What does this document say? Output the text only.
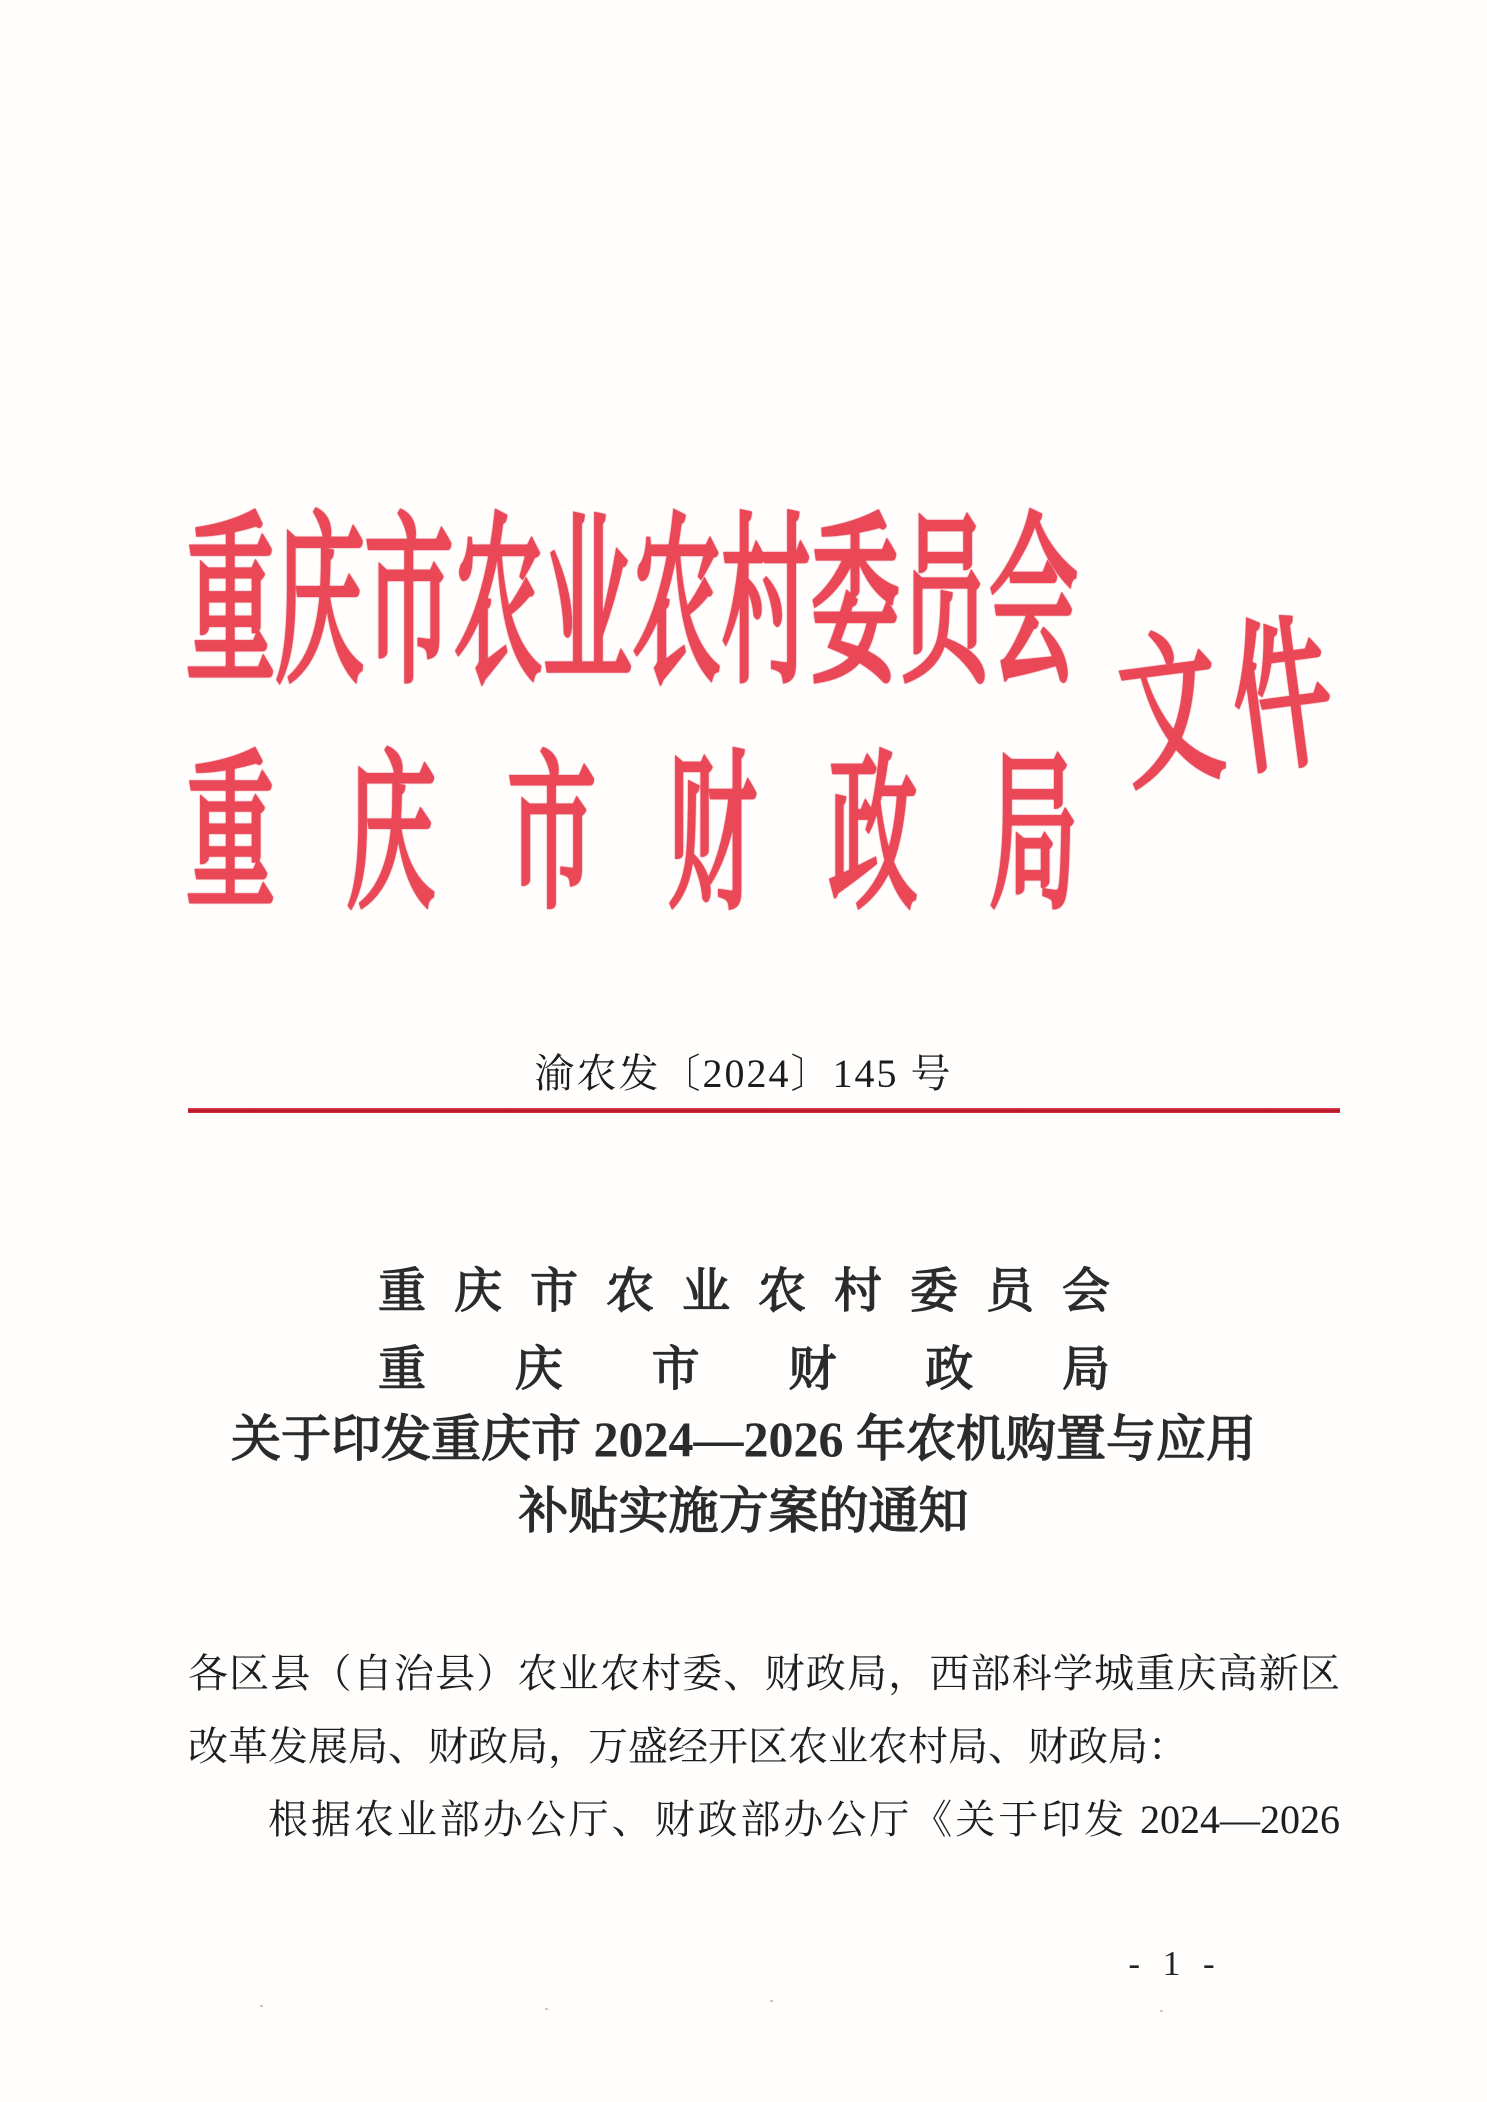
重庆市农业农村委员会
重庆市财政局
文件
渝农发〔2024〕145 号
重庆市农业农村委员会
重庆市财政局
关于印发重庆市 2024—2026 年农机购置与应用
补贴实施方案的通知
各区县（自治县）农业农村委、财政局，西部科学城重庆高新区
改革发展局、财政局，万盛经开区农业农村局、财政局：
根据农业部办公厅、财政部办公厅《关于印发 2024—2026
- 1 -
